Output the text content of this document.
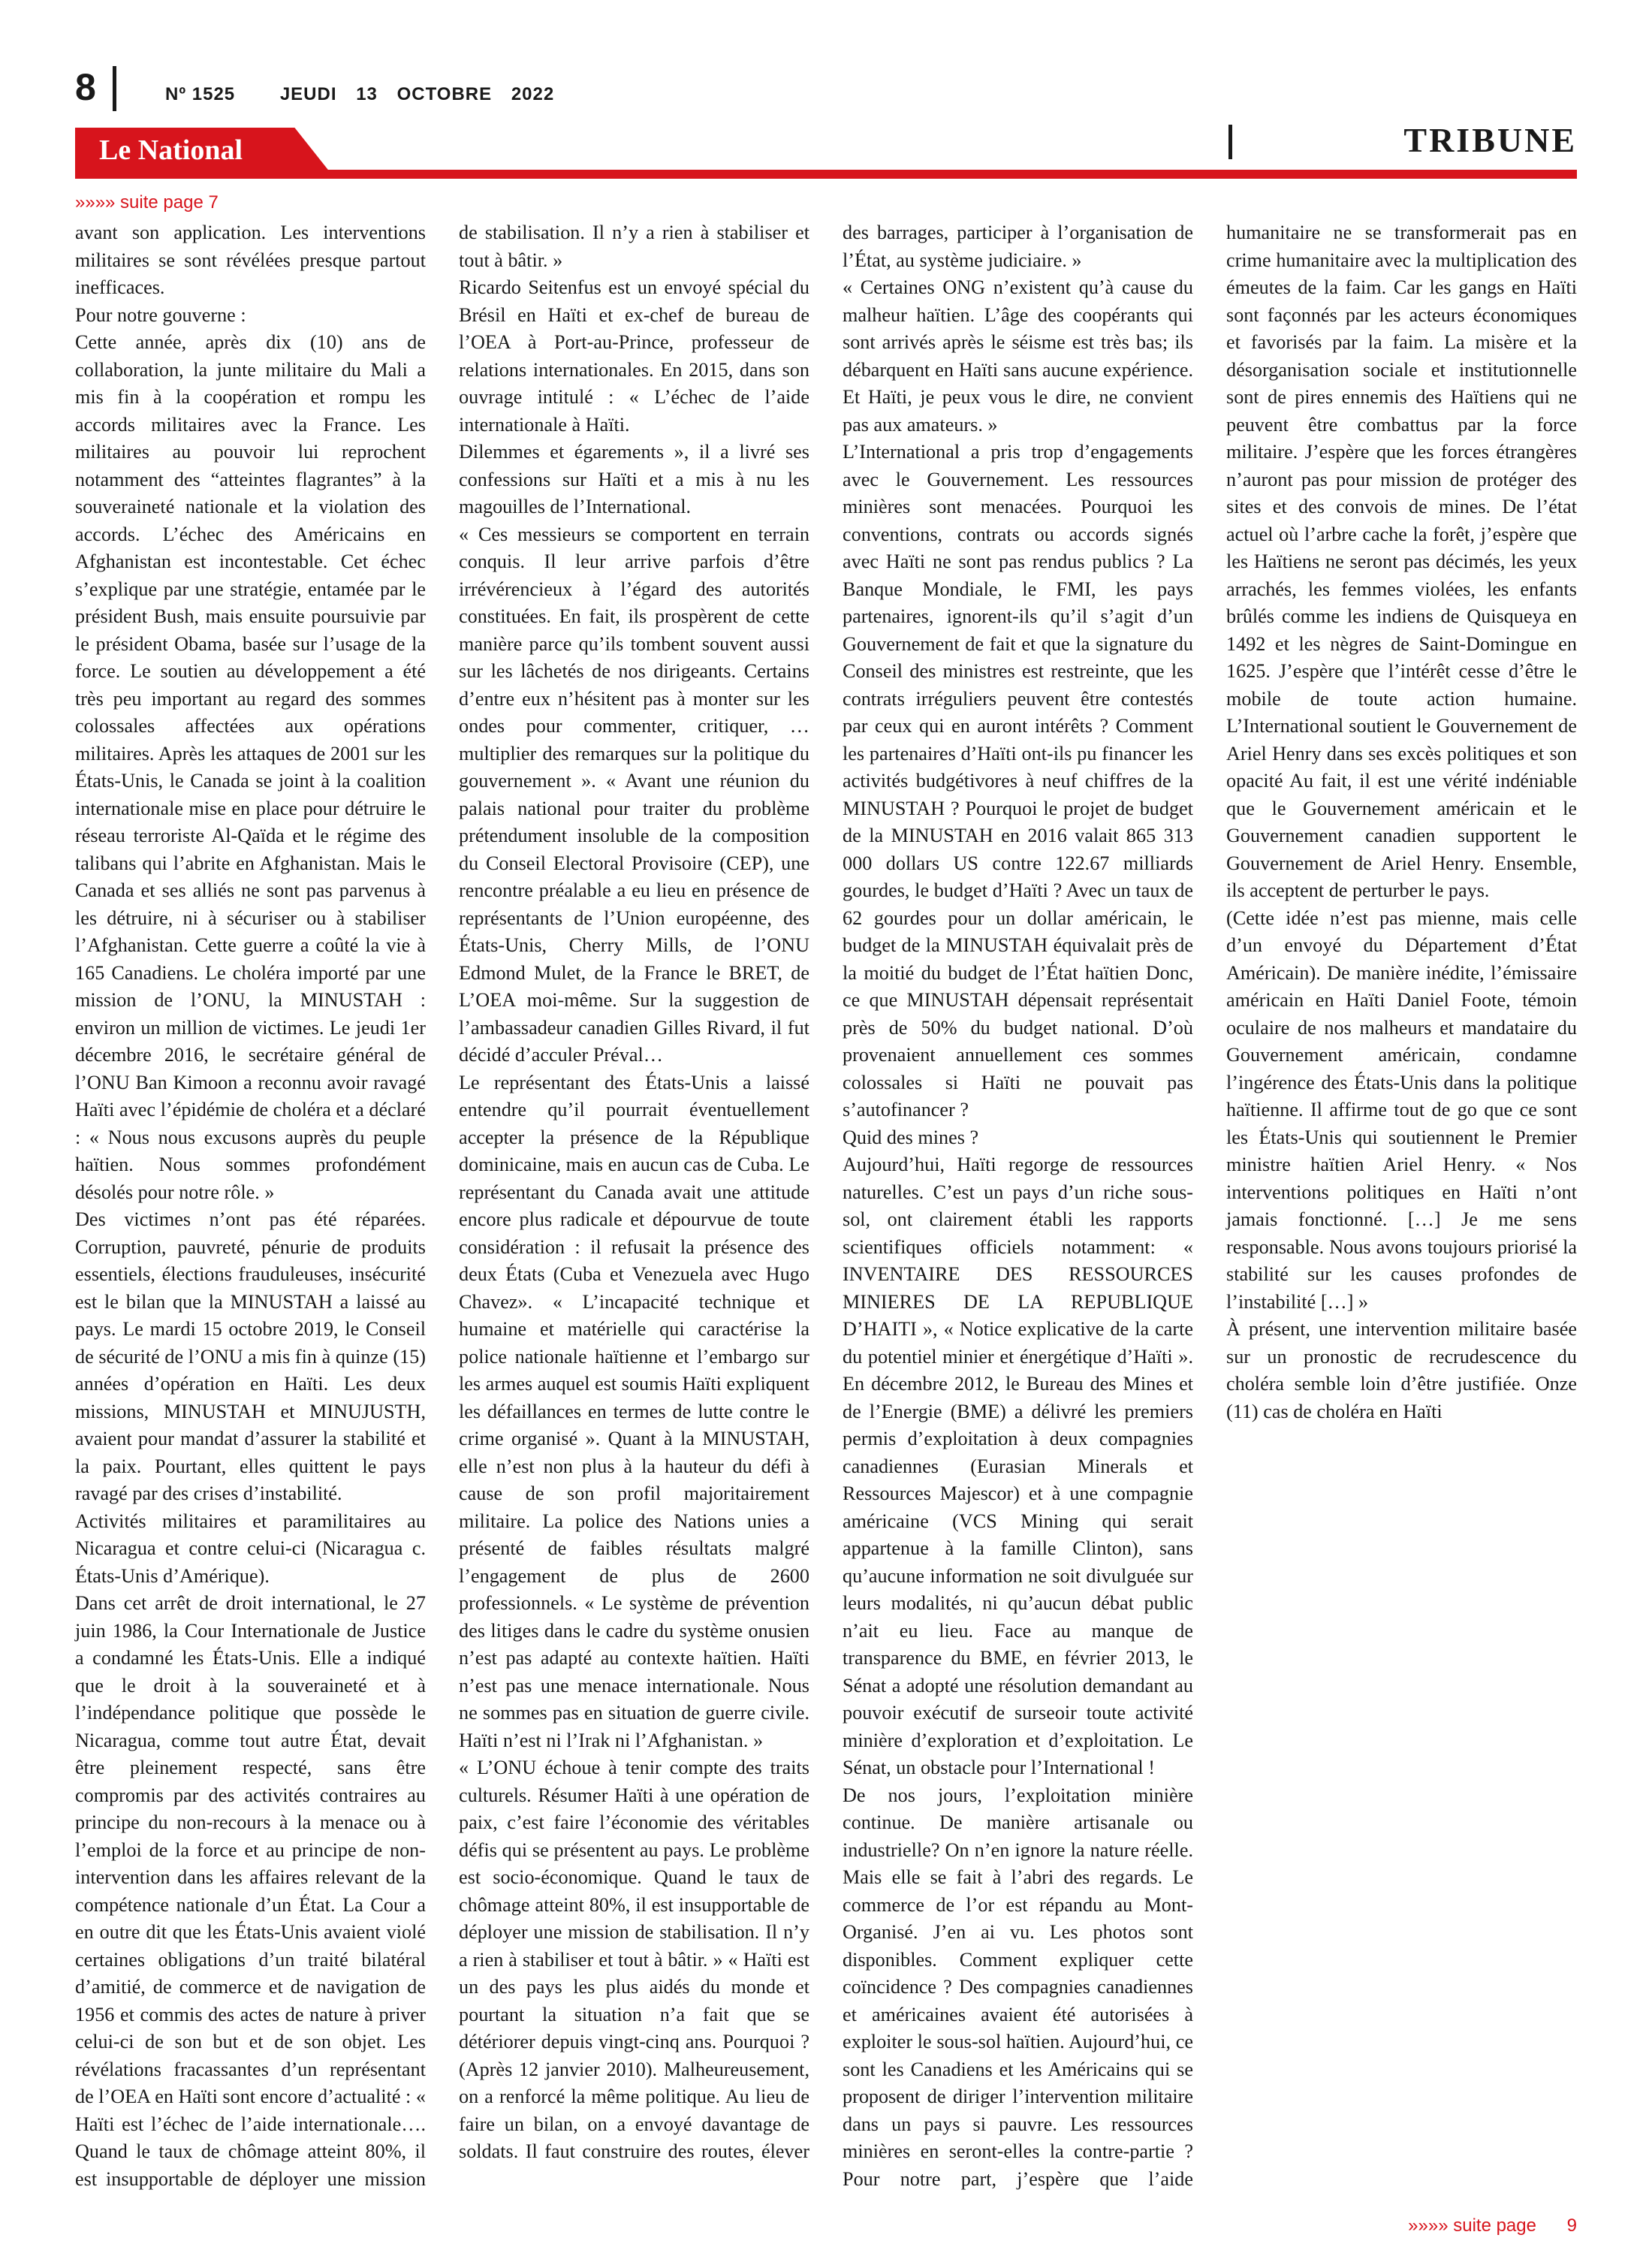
8	Nº 1525 JEUDI 13 OCTOBRE 2022
Le National	TRIBUNE
»»»» suite page 7

avant son application. Les interventions militaires se sont révélées presque partout inefficaces.

Pour notre gouverne :

Cette année, après dix (10) ans de collaboration, la junte militaire du Mali a mis fin à la coopération et rompu les accords militaires avec la France. Les militaires au pouvoir lui reprochent notamment des “atteintes flagrantes” à la souveraineté nationale et la violation des accords. L’échec des Américains en Afghanistan est incontestable. Cet échec s’explique par une stratégie, entamée par le président Bush, mais ensuite poursuivie par le président Obama, basée sur l’usage de la force. Le soutien au développement a été très peu important au regard des sommes colossales affectées aux opérations militaires. Après les attaques de 2001 sur les États-Unis, le Canada se joint à la coalition internationale mise en place pour détruire le réseau terroriste Al-Qaïda et le régime des talibans qui l’abrite en Afghanistan. Mais le Canada et ses alliés ne sont pas parvenus à les détruire, ni à sécuriser ou à stabiliser l’Afghanistan. Cette guerre a coûté la vie à 165 Canadiens. Le choléra importé par une mission de l’ONU, la MINUSTAH : environ un million de victimes. Le jeudi 1er décembre 2016, le secrétaire général de l’ONU Ban Kimoon a reconnu avoir ravagé Haïti avec l’épidémie de choléra et a déclaré : « Nous nous excusons auprès du peuple haïtien. Nous sommes profondément désolés pour notre rôle. »

Des victimes n’ont pas été réparées. Corruption, pauvreté, pénurie de produits essentiels, élections frauduleuses, insécurité est le bilan que la MINUSTAH a laissé au pays. Le mardi 15 octobre 2019, le Conseil de sécurité de l’ONU a mis fin à quinze (15) années d’opération en Haïti. Les deux missions, MINUSTAH et MINUJUSTH, avaient pour mandat d’assurer la stabilité et la paix. Pourtant, elles quittent le pays ravagé par des crises d’instabilité.

Activités militaires et paramilitaires au Nicaragua et contre celui-ci (Nicaragua c. États-Unis d’Amérique).

Dans cet arrêt de droit international, le 27 juin 1986, la Cour Internationale de Justice a condamné les États-Unis. Elle a indiqué que le droit à la souveraineté et à l’indépendance politique que possède le Nicaragua, comme tout autre État, devait être pleinement respecté, sans être compromis par des activités contraires au principe du non-recours à la menace ou à l’emploi de la force et au principe de non-intervention dans les affaires relevant de la compétence nationale d’un État. La Cour a en outre dit que les États-Unis avaient violé certaines obligations d’un traité bilatéral d’amitié, de commerce et de navigation de 1956 et commis des actes de nature à priver celui-ci de son but et de son objet. Les révélations fracassantes d’un représentant de l’OEA en Haïti sont encore d’actualité : « Haïti est l’échec de l’aide internationale…. Quand le taux de chômage atteint 80%, il est insupportable de déployer une mission de stabilisation. Il n’y a rien à stabiliser et tout à bâtir. »

Ricardo Seitenfus est un envoyé spécial du Brésil en Haïti et ex-chef de bureau de l’OEA à Port-au-Prince, professeur de relations internationales. En 2015, dans son ouvrage intitulé : « L’échec de l’aide internationale à Haïti.

Dilemmes et égarements », il a livré ses confessions sur Haïti et a mis à nu les magouilles de l’International.

« Ces messieurs se comportent en terrain conquis. Il leur arrive parfois d’être irrévérencieux à l’égard des autorités constituées. En fait, ils prospèrent de cette manière parce qu’ils tombent souvent aussi sur les lâchetés de nos dirigeants. Certains d’entre eux n’hésitent pas à monter sur les ondes pour commenter, critiquer, …multiplier des remarques sur la politique du gouvernement ». « Avant une réunion du palais national pour traiter du problème prétendument insoluble de la composition du Conseil Electoral Provisoire (CEP), une rencontre préalable a eu lieu en présence de représentants de l’Union européenne, des États-Unis, Cherry Mills, de l’ONU Edmond Mulet, de la France le BRET, de L’OEA moi-même. Sur la suggestion de l’ambassadeur canadien Gilles Rivard, il fut décidé d’acculer Préval…

Le représentant des États-Unis a laissé entendre qu’il pourrait éventuellement accepter la présence de la République dominicaine, mais en aucun cas de Cuba. Le représentant du Canada avait une attitude encore plus radicale et dépourvue de toute considération : il refusait la présence des deux États (Cuba et Venezuela avec Hugo Chavez». « L’incapacité technique et humaine et matérielle qui caractérise la police nationale haïtienne et l’embargo sur les armes auquel est soumis Haïti expliquent les défaillances en termes de lutte contre le crime organisé ». Quant à la MINUSTAH, elle n’est non plus à la hauteur du défi à cause de son profil majoritairement militaire. La police des Nations unies a présenté de faibles résultats malgré l’engagement de plus de 2600 professionnels. « Le système de prévention des litiges dans le cadre du système onusien n’est pas adapté au contexte haïtien. Haïti n’est pas une menace internationale. Nous ne sommes pas en situation de guerre civile. Haïti n’est ni l’Irak ni l’Afghanistan. »

« L’ONU échoue à tenir compte des traits culturels. Résumer Haïti à une opération de paix, c’est faire l’économie des véritables défis qui se présentent au pays. Le problème est socio-économique. Quand le taux de chômage atteint 80%, il est insupportable de déployer une mission de stabilisation. Il n’y a rien à stabiliser et tout à bâtir. » « Haïti est un des pays les plus aidés du monde et pourtant la situation n’a fait que se détériorer depuis vingt-cinq ans. Pourquoi ? (Après 12 janvier 2010). Malheureusement, on a renforcé la même politique. Au lieu de faire un bilan, on a envoyé davantage de soldats. Il faut construire des routes, élever des barrages, participer à l’organisation de l’État, au système judiciaire. »

« Certaines ONG n’existent qu’à cause du malheur haïtien. L’âge des coopérants qui sont arrivés après le séisme est très bas; ils débarquent en Haïti sans aucune expérience. Et Haïti, je peux vous le dire, ne convient pas aux amateurs. »

L’International a pris trop d’engagements avec le Gouvernement. Les ressources minières sont menacées. Pourquoi les conventions, contrats ou accords signés avec Haïti ne sont pas rendus publics ? La Banque Mondiale, le FMI, les pays partenaires, ignorent-ils qu’il s’agit d’un Gouvernement de fait et que la signature du Conseil des ministres est restreinte, que les contrats irréguliers peuvent être contestés par ceux qui en auront intérêts ? Comment les partenaires d’Haïti ont-ils pu financer les activités budgétivores à neuf chiffres de la MINUSTAH ? Pourquoi le projet de budget de la MINUSTAH en 2016 valait 865 313 000 dollars US contre 122.67 milliards gourdes, le budget d’Haïti ? Avec un taux de 62 gourdes pour un dollar américain, le budget de la MINUSTAH équivalait près de la moitié du budget de l’État haïtien Donc, ce que MINUSTAH dépensait représentait près de 50% du budget national. D’où provenaient annuellement ces sommes colossales si Haïti ne pouvait pas s’autofinancer ?

Quid des mines ?

Aujourd’hui, Haïti regorge de ressources naturelles. C’est un pays d’un riche sous-sol, ont clairement établi les rapports scientifiques officiels notamment: « INVENTAIRE DES RESSOURCES MINIERES DE LA REPUBLIQUE D’HAITI », « Notice explicative de la carte du potentiel minier et énergétique d’Haïti ». En décembre 2012, le Bureau des Mines et de l’Energie (BME) a délivré les premiers permis d’exploitation à deux compagnies canadiennes (Eurasian Minerals et Ressources Majescor) et à une compagnie américaine (VCS Mining qui serait appartenue à la famille Clinton), sans qu’aucune information ne soit divulguée sur leurs modalités, ni qu’aucun débat public n’ait eu lieu. Face au manque de transparence du BME, en février 2013, le Sénat a adopté une résolution demandant au pouvoir exécutif de surseoir toute activité minière d’exploration et d’exploitation. Le Sénat, un obstacle pour l’International !

De nos jours, l’exploitation minière continue. De manière artisanale ou industrielle? On n’en ignore la nature réelle. Mais elle se fait à l’abri des regards. Le commerce de l’or est répandu au Mont-Organisé. J’en ai vu. Les photos sont disponibles. Comment expliquer cette coïncidence ? Des compagnies canadiennes et américaines avaient été autorisées à exploiter le sous-sol haïtien. Aujourd’hui, ce sont les Canadiens et les Américains qui se proposent de diriger l’intervention militaire dans un pays si pauvre. Les ressources minières en seront-elles la contre-partie ? Pour notre part, j’espère que l’aide humanitaire ne se transformerait pas en crime humanitaire avec la multiplication des émeutes de la faim. Car les gangs en Haïti sont façonnés par les acteurs économiques et favorisés par la faim. La misère et la désorganisation sociale et institutionnelle sont de pires ennemis des Haïtiens qui ne peuvent être combattus par la force militaire. J’espère que les forces étrangères n’auront pas pour mission de protéger des sites et des convois de mines. De l’état actuel où l’arbre cache la forêt, j’espère que les Haïtiens ne seront pas décimés, les yeux arrachés, les femmes violées, les enfants brûlés comme les indiens de Quisqueya en 1492 et les nègres de Saint-Domingue en 1625. J’espère que l’intérêt cesse d’être le mobile de toute action humaine. L’International soutient le Gouvernement de Ariel Henry dans ses excès politiques et son opacité Au fait, il est une vérité indéniable que le Gouvernement américain et le Gouvernement canadien supportent le Gouvernement de Ariel Henry. Ensemble, ils acceptent de perturber le pays.

(Cette idée n’est pas mienne, mais celle d’un envoyé du Département d’État Américain). De manière inédite, l’émissaire américain en Haïti Daniel Foote, témoin oculaire de nos malheurs et mandataire du Gouvernement américain, condamne l’ingérence des États-Unis dans la politique haïtienne. Il affirme tout de go que ce sont les États-Unis qui soutiennent le Premier ministre haïtien Ariel Henry. « Nos interventions politiques en Haïti n’ont jamais fonctionné. […] Je me sens responsable. Nous avons toujours priorisé la stabilité sur les causes profondes de l’instabilité […] »

À présent, une intervention militaire basée sur un pronostic de recrudescence du choléra semble loin d’être justifiée. Onze (11) cas de choléra en Haïti

»»»» suite page 9
